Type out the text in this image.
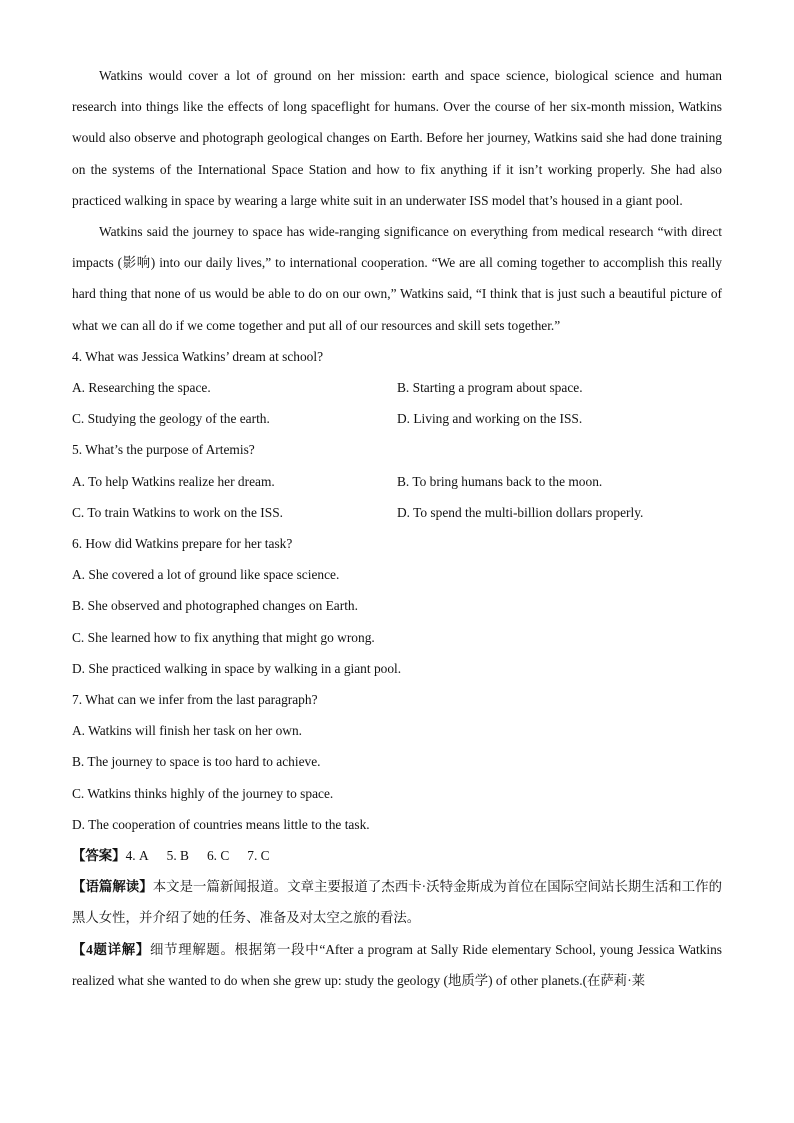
Watkins would cover a lot of ground on her mission: earth and space science, biological science and human research into things like the effects of long spaceflight for humans. Over the course of her six-month mission, Watkins would also observe and photograph geological changes on Earth. Before her journey, Watkins said she had done training on the systems of the International Space Station and how to fix anything if it isn’t working properly. She had also practiced walking in space by wearing a large white suit in an underwater ISS model that’s housed in a giant pool.

Watkins said the journey to space has wide-ranging significance on everything from medical research “with direct impacts (影响) into our daily lives,” to international cooperation. “We are all coming together to accomplish this really hard thing that none of us would be able to do on our own,” Watkins said, “I think that is just such a beautiful picture of what we can all do if we come together and put all of our resources and skill sets together.”

4. What was Jessica Watkins’ dream at school?

A. Researching the space.	B. Starting a program about space.
C. Studying the geology of the earth.	D. Living and working on the ISS.

5. What’s the purpose of Artemis?

A. To help Watkins realize her dream.	B. To bring humans back to the moon.
C. To train Watkins to work on the ISS.	D. To spend the multi-billion dollars properly.

6. How did Watkins prepare for her task?

A. She covered a lot of ground like space science.

B. She observed and photographed changes on Earth.

C. She learned how to fix anything that might go wrong.

D. She practiced walking in space by walking in a giant pool.

7. What can we infer from the last paragraph?

A. Watkins will finish her task on her own.

B. The journey to space is too hard to achieve.

C. Watkins thinks highly of the journey to space.

D. The cooperation of countries means little to the task.

【答案】4. A 5. B 6. C 7. C

【语篇解读】本文是一篇新闻报道。文章主要报道了杰西卡·沃特金斯成为首位在国际空间站长期生活和工作的黑人女性，并介绍了她的任务、准备及对太空之旅的看法。

【4题详解】细节理解题。根据第一段中“After a program at Sally Ride elementary School, young Jessica Watkins realized what she wanted to do when she grew up: study the geology (地质学) of other planets.(在萨莉·莱
